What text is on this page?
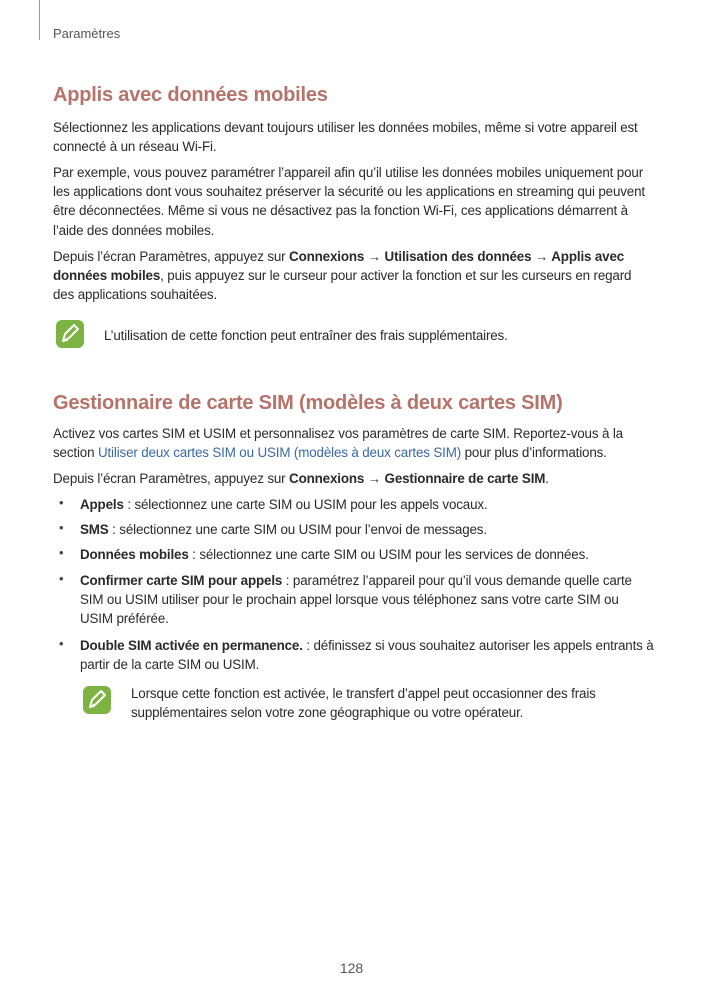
Paramètres
Applis avec données mobiles

Sélectionnez les applications devant toujours utiliser les données mobiles, même si votre appareil est connecté à un réseau Wi-Fi.

Par exemple, vous pouvez paramétrer l’appareil afin qu’il utilise les données mobiles uniquement pour les applications dont vous souhaitez préserver la sécurité ou les applications en streaming qui peuvent être déconnectées. Même si vous ne désactivez pas la fonction Wi-Fi, ces applications démarrent à l’aide des données mobiles.

Depuis l’écran Paramètres, appuyez sur Connexions → Utilisation des données → Applis avec données mobiles, puis appuyez sur le curseur pour activer la fonction et sur les curseurs en regard des applications souhaitées.

L’utilisation de cette fonction peut entraîner des frais supplémentaires.
Gestionnaire de carte SIM (modèles à deux cartes SIM)

Activez vos cartes SIM et USIM et personnalisez vos paramètres de carte SIM. Reportez-vous à la section Utiliser deux cartes SIM ou USIM (modèles à deux cartes SIM) pour plus d’informations.

Depuis l’écran Paramètres, appuyez sur Connexions → Gestionnaire de carte SIM.

• Appels : sélectionnez une carte SIM ou USIM pour les appels vocaux.
• SMS : sélectionnez une carte SIM ou USIM pour l’envoi de messages.
• Données mobiles : sélectionnez une carte SIM ou USIM pour les services de données.
• Confirmer carte SIM pour appels : paramétrez l’appareil pour qu’il vous demande quelle carte SIM ou USIM utiliser pour le prochain appel lorsque vous téléphonez sans votre carte SIM ou USIM préférée.
• Double SIM activée en permanence. : définissez si vous souhaitez autoriser les appels entrants à partir de la carte SIM ou USIM.
Lorsque cette fonction est activée, le transfert d’appel peut occasionner des frais supplémentaires selon votre zone géographique ou votre opérateur.
128
